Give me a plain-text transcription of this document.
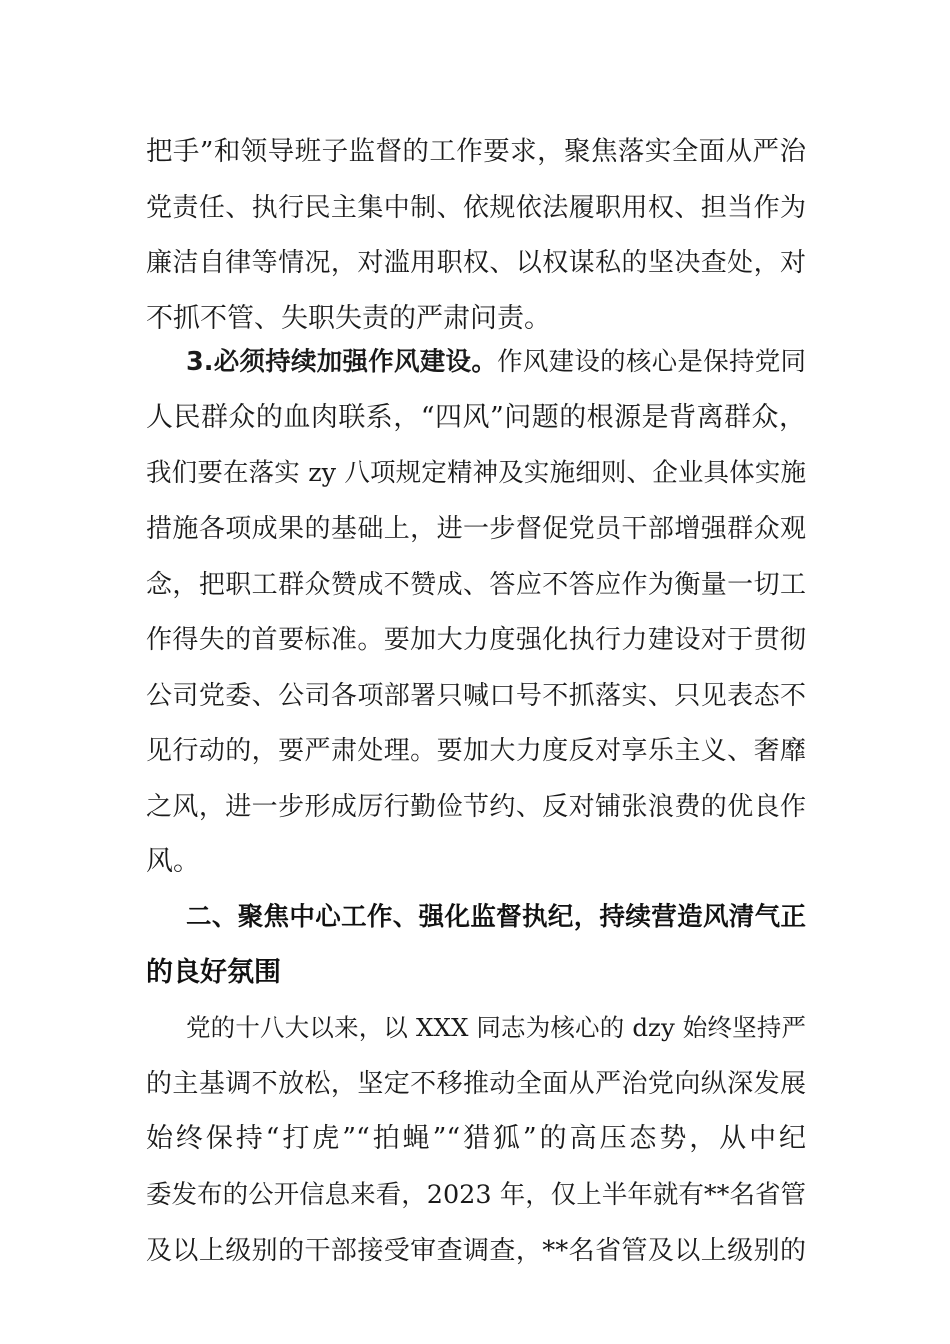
把手”和领导班子监督的工作要求，聚焦落实全面从严治

党责任、执行民主集中制、依规依法履职用权、担当作为

廉洁自律等情况，对滥用职权、以权谋私的坚决查处，对

不抓不管、失职失责的严肃问责。

3.必须持续加强作风建设。作风建设的核心是保持党同

人民群众的血肉联系，“四风”问题的根源是背离群众，

我们要在落实 zy 八项规定精神及实施细则、企业具体实施

措施各项成果的基础上，进一步督促党员干部增强群众观

念，把职工群众赞成不赞成、答应不答应作为衡量一切工

作得失的首要标准。要加大力度强化执行力建设对于贯彻

公司党委、公司各项部署只喊口号不抓落实、只见表态不

见行动的，要严肃处理。要加大力度反对享乐主义、奢靡

之风，进一步形成厉行勤俭节约、反对铺张浪费的优良作

风。

二、聚焦中心工作、强化监督执纪，持续营造风清气正

的良好氛围

党的十八大以来，以 XXX 同志为核心的 dzy 始终坚持严

的主基调不放松，坚定不移推动全面从严治党向纵深发展

始终保持“打虎”“拍蝇”“猎狐”的高压态势，从中纪

委发布的公开信息来看，2023 年，仅上半年就有**名省管

及以上级别的干部接受审查调查，**名省管及以上级别的
